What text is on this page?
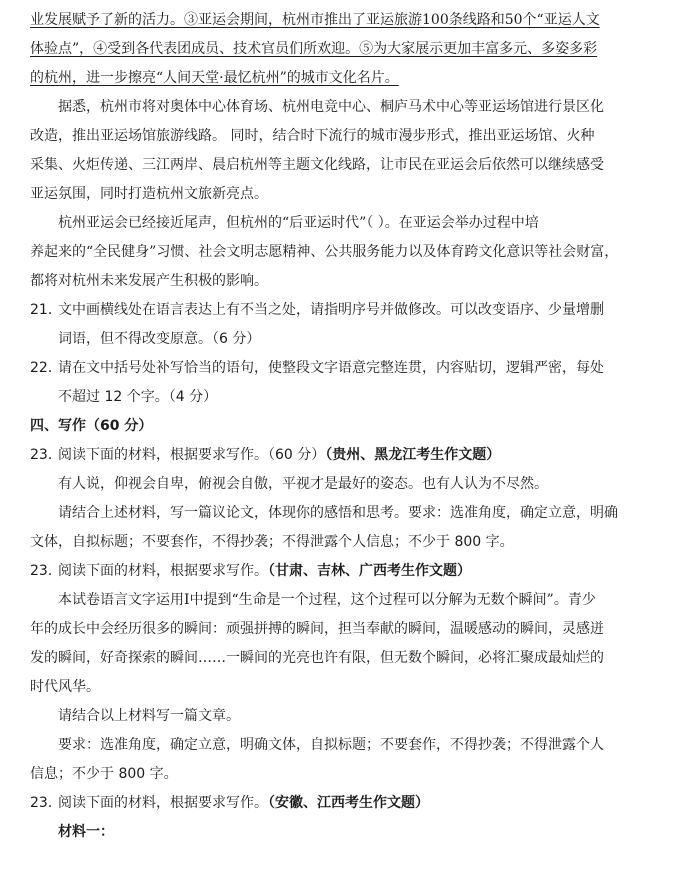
业发展赋予了新的活力。③亚运会期间，杭州市推出了亚运旅游100条线路和50个“亚运人文
体验点”，④受到各代表团成员、技术官员们所欢迎。⑤为大家展示更加丰富多元、多姿多彩
的杭州，进一步擦亮“人间天堂·最忆杭州”的城市文化名片。
据悉，杭州市将对奥体中心体育场、杭州电竞中心、桐庐马术中心等亚运场馆进行景区化
改造，推出亚运场馆旅游线路。 同时，结合时下流行的城市漫步形式，推出亚运场馆、火种
采集、火炬传递、三江两岸、晨启杭州等主题文化线路，让市民在亚运会后依然可以继续感受
亚运氛围，同时打造杭州文旅新亮点。
杭州亚运会已经接近尾声，但杭州的“后亚运时代”（ ）。在亚运会举办过程中培
养起来的“全民健身”习惯、社会文明志愿精神、公共服务能力以及体育跨文化意识等社会财富，
都将对杭州未来发展产生积极的影响。
21．文中画横线处在语言表达上有不当之处，请指明序号并做修改。可以改变语序、少量增删
词语，但不得改变原意。（6 分）
22．请在文中括号处补写恰当的语句，使整段文字语意完整连贯，内容贴切，逻辑严密，每处
不超过 12 个字。（4 分）
四、写作（60 分）
23．阅读下面的材料，根据要求写作。（60 分）（贵州、黑龙江考生作文题）
有人说，仰视会自卑，俯视会自傲，平视才是最好的姿态。也有人认为不尽然。
请结合上述材料，写一篇议论文，体现你的感悟和思考。要求：选准角度，确定立意，明确
文体，自拟标题；不要套作，不得抄袭；不得泄露个人信息；不少于 800 字。
23．阅读下面的材料，根据要求写作。（甘肃、吉林、广西考生作文题）
本试卷语言文字运用Ⅰ中提到“生命是一个过程，这个过程可以分解为无数个瞬间”。青少
年的成长中会经历很多的瞬间：顽强拼搏的瞬间，担当奉献的瞬间，温暖感动的瞬间，灵感迸
发的瞬间，好奇探索的瞬间……一瞬间的光亮也许有限，但无数个瞬间，必将汇聚成最灿烂的
时代风华。
请结合以上材料写一篇文章。
要求：选准角度，确定立意，明确文体，自拟标题；不要套作，不得抄袭；不得泄露个人
信息；不少于 800 字。
23．阅读下面的材料，根据要求写作。（安徽、江西考生作文题）
材料一：
